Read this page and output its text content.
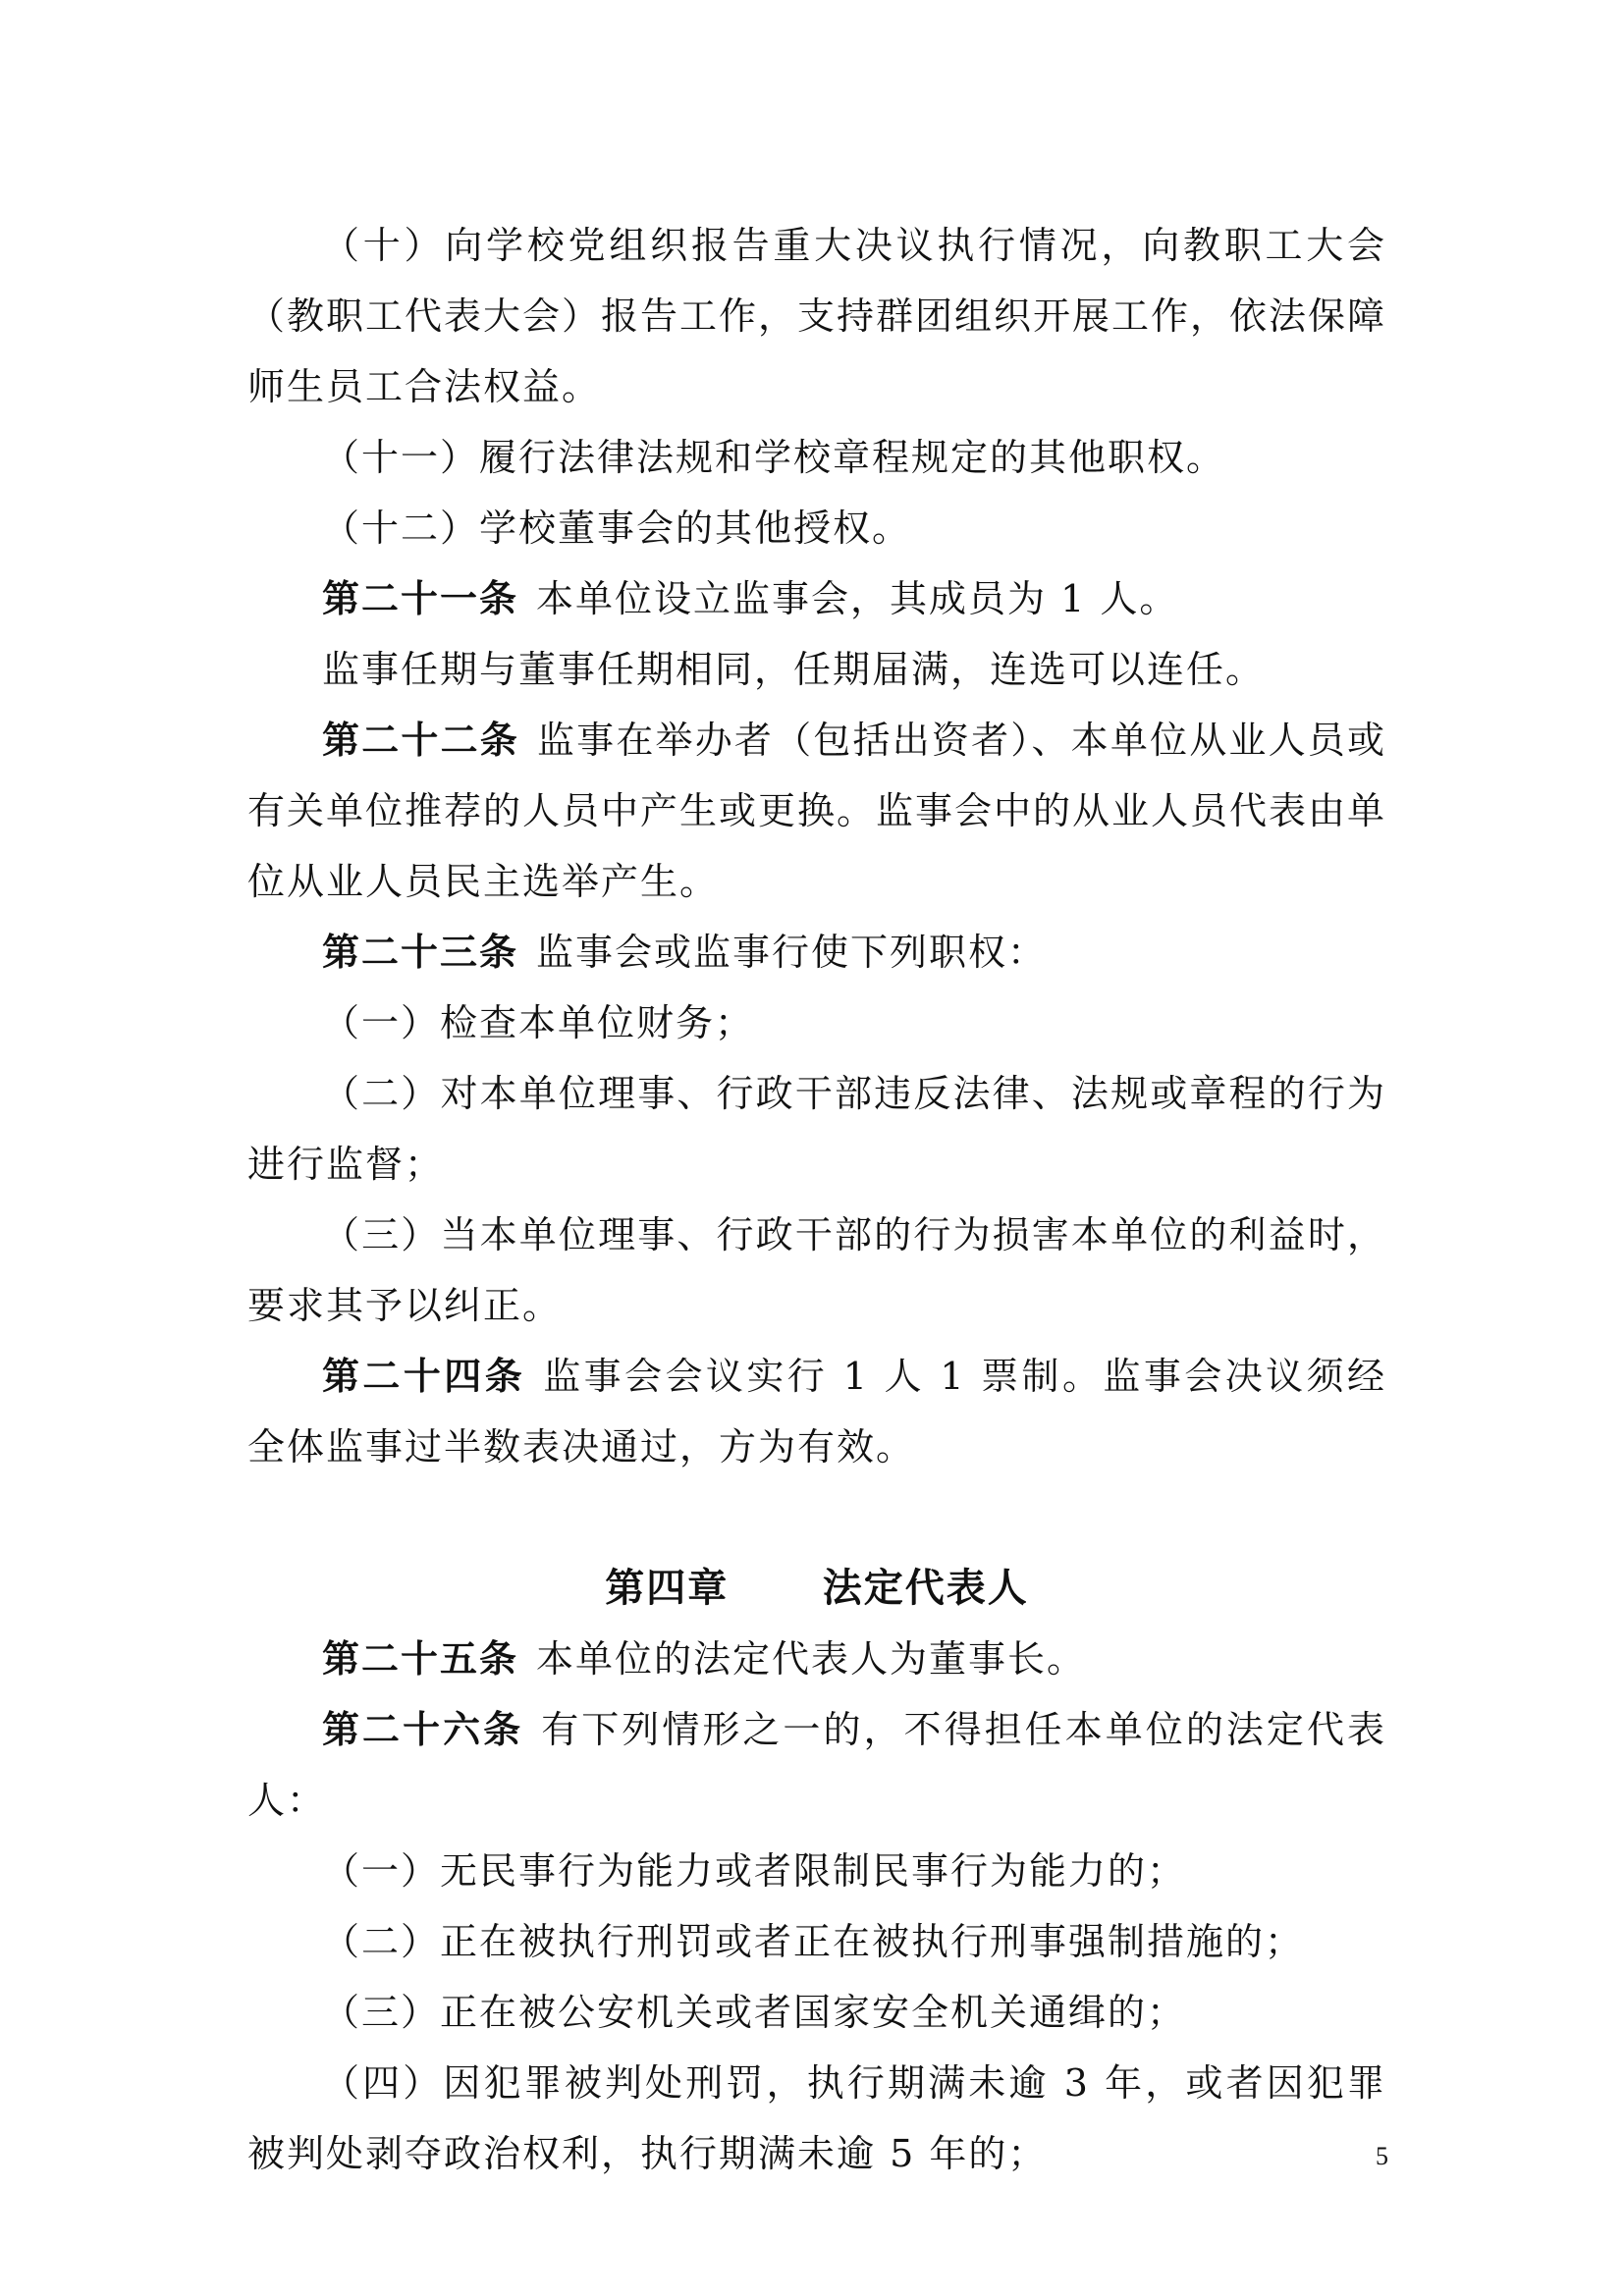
（十）向学校党组织报告重大决议执行情况，向教职工大会（教职工代表大会）报告工作，支持群团组织开展工作，依法保障师生员工合法权益。

（十一）履行法律法规和学校章程规定的其他职权。

（十二）学校董事会的其他授权。

第二十一条 本单位设立监事会，其成员为 1 人。

监事任期与董事任期相同，任期届满，连选可以连任。

第二十二条 监事在举办者（包括出资者）、本单位从业人员或有关单位推荐的人员中产生或更换。监事会中的从业人员代表由单位从业人员民主选举产生。

第二十三条 监事会或监事行使下列职权：

（一）检查本单位财务；

（二）对本单位理事、行政干部违反法律、法规或章程的行为进行监督；

（三）当本单位理事、行政干部的行为损害本单位的利益时，要求其予以纠正。

第二十四条 监事会会议实行 1 人 1 票制。监事会决议须经全体监事过半数表决通过，方为有效。

第四章      法定代表人

第二十五条 本单位的法定代表人为董事长。

第二十六条 有下列情形之一的，不得担任本单位的法定代表人：

（一）无民事行为能力或者限制民事行为能力的；

（二）正在被执行刑罚或者正在被执行刑事强制措施的；

（三）正在被公安机关或者国家安全机关通缉的；

（四）因犯罪被判处刑罚，执行期满未逾 3 年，或者因犯罪被判处剥夺政治权利，执行期满未逾 5 年的；	5
